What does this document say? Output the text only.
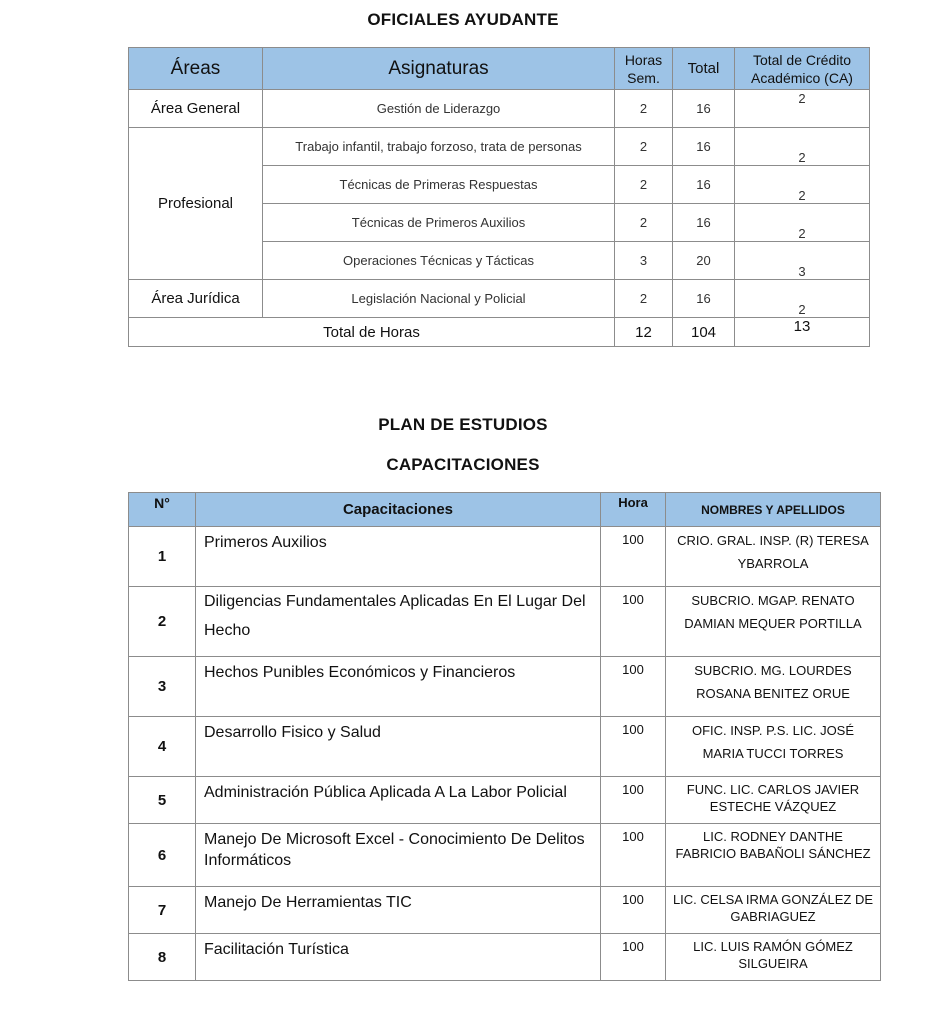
OFICIALES AYUDANTE
Áreas	Asignaturas	Horas Sem.	Total	Total de Crédito Académico (CA)
Área General	Gestión de Liderazgo	2	16	2
Profesional	Trabajo infantil, trabajo forzoso, trata de personas	2	16	2
	Técnicas de Primeras Respuestas	2	16	2
	Técnicas de Primeros Auxilios	2	16	2
	Operaciones Técnicas y Tácticas	3	20	3
Área Jurídica	Legislación Nacional y Policial	2	16	2
Total de Horas		12	104	13
PLAN DE ESTUDIOS
CAPACITACIONES
N°	Capacitaciones	Hora	NOMBRES Y APELLIDOS
1	Primeros Auxilios	100	CRIO. GRAL. INSP. (R) TERESA YBARROLA
2	Diligencias Fundamentales Aplicadas En El Lugar Del Hecho	100	SUBCRIO. MGAP. RENATO DAMIAN MEQUER PORTILLA
3	Hechos Punibles Económicos y Financieros	100	SUBCRIO. MG. LOURDES ROSANA BENITEZ ORUE
4	Desarrollo Fisico y Salud	100	OFIC. INSP. P.S. LIC. JOSÉ MARIA TUCCI TORRES
5	Administración Pública Aplicada A La Labor Policial	100	FUNC. LIC. CARLOS JAVIER ESTECHE VÁZQUEZ
6	Manejo De Microsoft Excel - Conocimiento De Delitos Informáticos	100	LIC. RODNEY DANTHE FABRICIO BABAÑOLI SÁNCHEZ
7	Manejo De Herramientas TIC	100	LIC. CELSA IRMA GONZÁLEZ DE GABRIAGUEZ
8	Facilitación Turística	100	LIC. LUIS RAMÓN GÓMEZ SILGUEIRA
